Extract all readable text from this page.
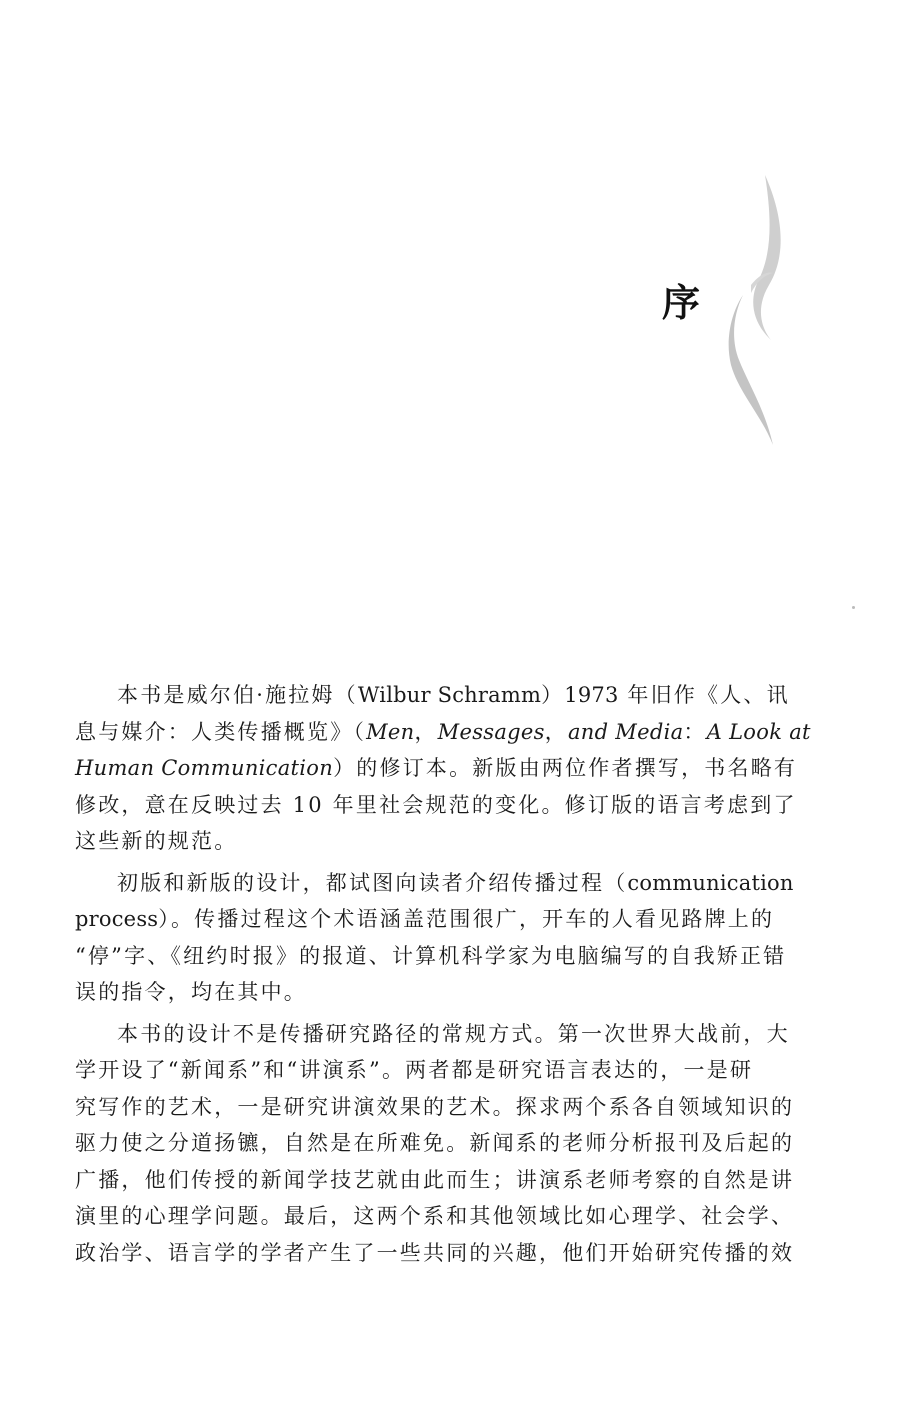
序

本书是威尔伯·施拉姆（Wilbur Schramm）1973 年旧作《人、讯
息与媒介：人类传播概览》（Men，Messages，and Media：A Look at
Human Communication）的修订本。新版由两位作者撰写，书名略有
修改，意在反映过去 10 年里社会规范的变化。修订版的语言考虑到了
这些新的规范。

初版和新版的设计，都试图向读者介绍传播过程（communication
process）。传播过程这个术语涵盖范围很广，开车的人看见路牌上的
“停”字、《纽约时报》的报道、计算机科学家为电脑编写的自我矫正错
误的指令，均在其中。

本书的设计不是传播研究路径的常规方式。第一次世界大战前，大
学开设了“新闻系”和“讲演系”。两者都是研究语言表达的，一是研
究写作的艺术，一是研究讲演效果的艺术。探求两个系各自领域知识的
驱力使之分道扬镳，自然是在所难免。新闻系的老师分析报刊及后起的
广播，他们传授的新闻学技艺就由此而生；讲演系老师考察的自然是讲
演里的心理学问题。最后，这两个系和其他领域比如心理学、社会学、
政治学、语言学的学者产生了一些共同的兴趣，他们开始研究传播的效
